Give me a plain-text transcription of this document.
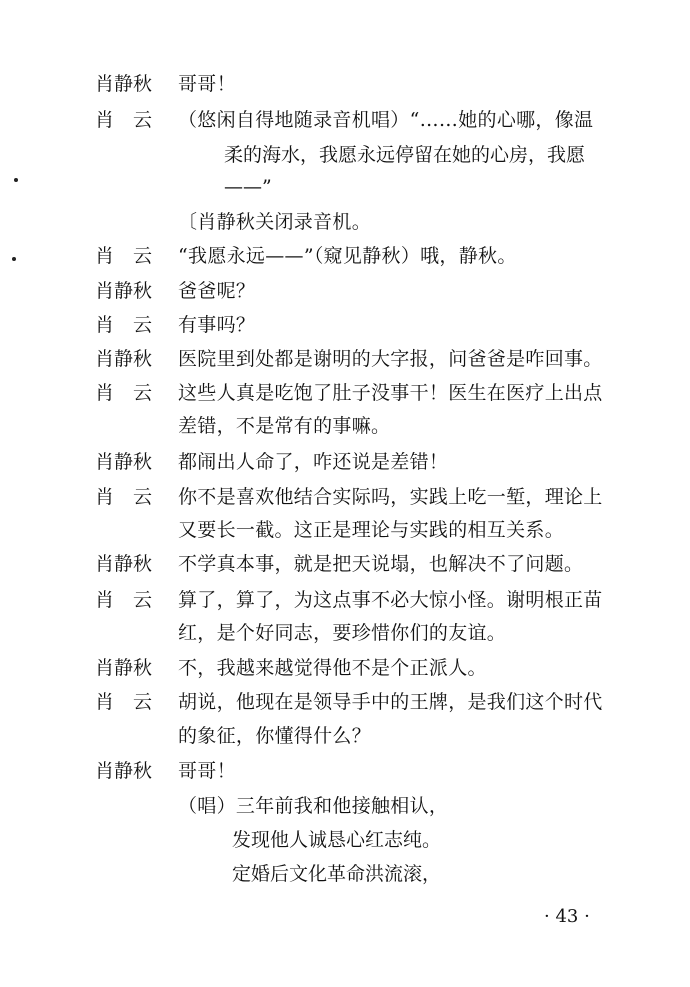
肖静秋 哥哥！
肖　云 （悠闲自得地随录音机唱）“……她的心哪，像温
柔的海水，我愿永远停留在她的心房，我愿
——”
〔肖静秋关闭录音机。
肖　云 “我愿永远——”（窥见静秋）哦，静秋。
肖静秋 爸爸呢？
肖　云 有事吗？
肖静秋 医院里到处都是谢明的大字报，问爸爸是咋回事。
肖　云 这些人真是吃饱了肚子没事干！医生在医疗上出点
差错，不是常有的事嘛。
肖静秋 都闹出人命了，咋还说是差错！
肖　云 你不是喜欢他结合实际吗，实践上吃一堑，理论上
又要长一截。这正是理论与实践的相互关系。
肖静秋 不学真本事，就是把天说塌，也解决不了问题。
肖　云 算了，算了，为这点事不必大惊小怪。谢明根正苗
红，是个好同志，要珍惜你们的友谊。
肖静秋 不，我越来越觉得他不是个正派人。
肖　云 胡说，他现在是领导手中的王牌，是我们这个时代
的象征，你懂得什么？
肖静秋 哥哥！
（唱）三年前我和他接触相认，
发现他人诚恳心红志纯。
定婚后文化革命洪流滚，
· 43 ·
